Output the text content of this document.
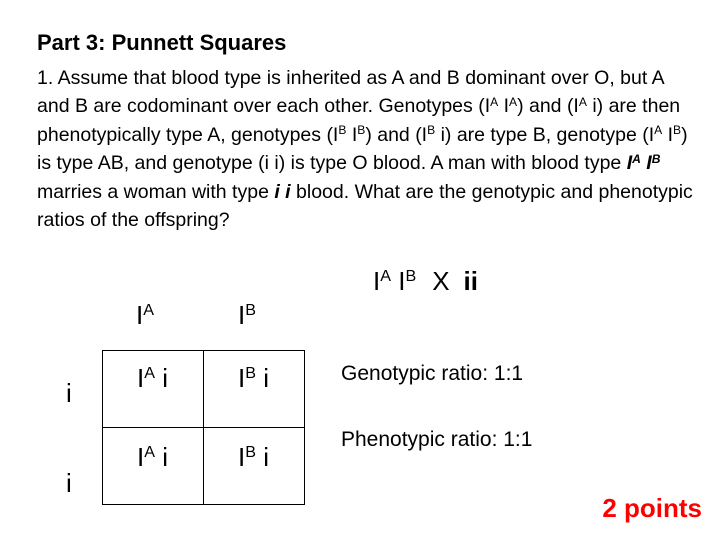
Part 3: Punnett Squares
1. Assume that blood type is inherited as A and B dominant over O, but A and B are codominant over each other. Genotypes ($I^A$ $I^A$) and ($I^A$ i) are then phenotypically type A, genotypes ($I^B$ $I^B$) and ($I^B$ i) are type B, genotype ($I^A$ $I^B$) is type AB, and genotype (i i) is type O blood. A man with blood type $I^A$ $I^B$ marries a woman with type i i blood. What are the genotypic and phenotypic ratios of the offspring?
$I^A$ $I^B$ X ii
$I^A$	$I^B$
i
i
$I^A$ i	$I^B$ i
$I^A$ i	$I^B$ i
Genotypic ratio: 1:1
Phenotypic ratio: 1:1
2 points
